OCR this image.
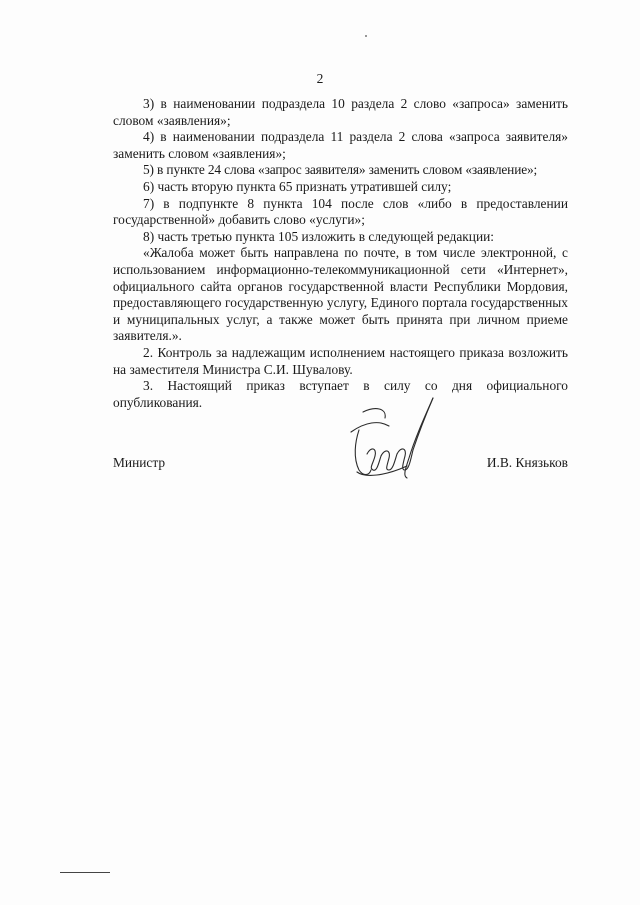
2

3) в наименовании подраздела 10 раздела 2 слово «запроса» заменить словом «заявления»;

4) в наименовании подраздела 11 раздела 2 слова «запроса заявителя» заменить словом «заявления»;

5) в пункте 24 слова «запрос заявителя» заменить словом «заявление»;

6) часть вторую пункта 65 признать утратившей силу;

7) в подпункте 8 пункта 104 после слов «либо в предоставлении государственной» добавить слово «услуги»;

8) часть третью пункта 105 изложить в следующей редакции:

«Жалоба может быть направлена по почте, в том числе электронной, с использованием информационно-телекоммуникационной сети «Интернет», официального сайта органов государственной власти Республики Мордовия, предоставляющего государственную услугу, Единого портала государственных и муниципальных услуг, а также может быть принята при личном приеме заявителя.».

2. Контроль за надлежащим исполнением настоящего приказа возложить на заместителя Министра С.И. Шувалову.

3. Настоящий приказ вступает в силу со дня официального опубликования.

Министр	И.В. Князьков
